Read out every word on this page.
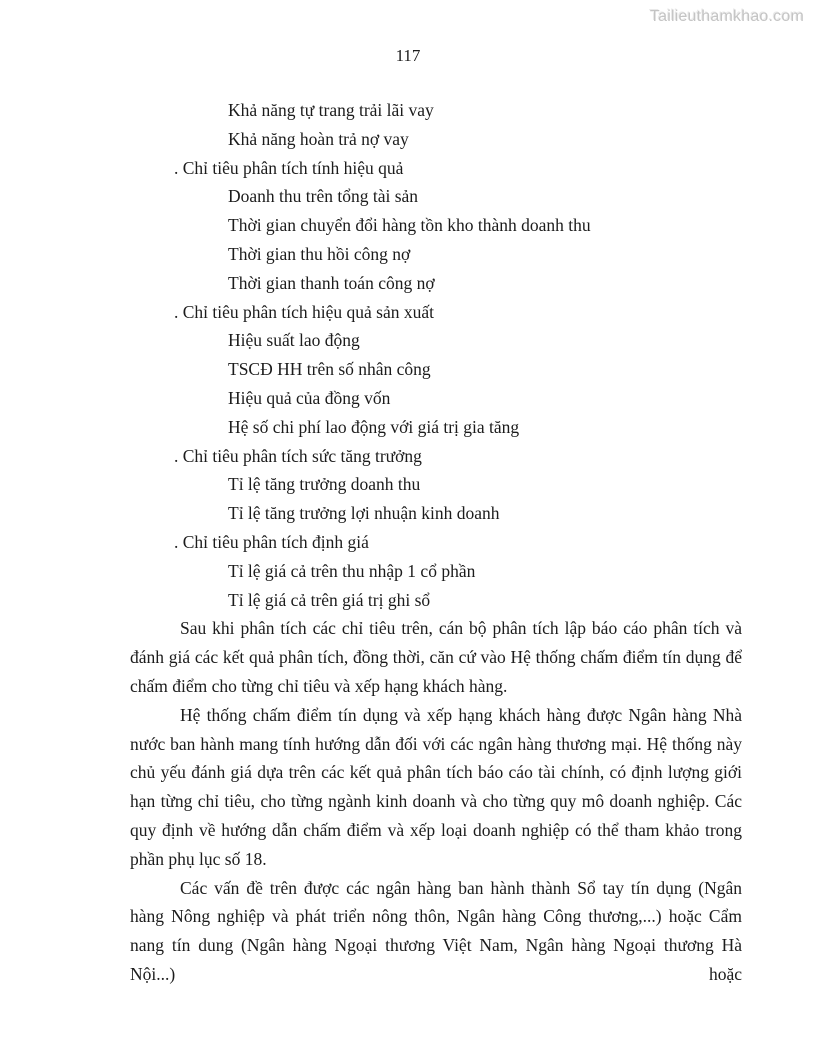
Tailieuthamkhao.com
117
Khả năng tự trang trải lãi vay
Khả năng hoàn trả nợ vay
. Chỉ tiêu phân tích tính hiệu quả
Doanh thu trên tổng tài sản
Thời gian chuyển đổi hàng tồn kho thành doanh thu
Thời gian thu hồi công nợ
Thời gian thanh toán công nợ
. Chỉ tiêu phân tích hiệu quả sản xuất
Hiệu suất lao động
TSCĐ HH trên số nhân công
Hiệu quả của đồng vốn
Hệ số chi phí lao động với giá trị gia tăng
. Chỉ tiêu phân tích sức tăng trưởng
Tỉ lệ tăng trưởng doanh thu
Tỉ lệ tăng trưởng lợi nhuận kinh doanh
. Chỉ tiêu phân tích định giá
Tỉ lệ giá cả trên thu nhập 1 cổ phần
Tỉ lệ giá cả trên giá trị ghi sổ

Sau khi phân tích các chỉ tiêu trên, cán bộ phân tích lập báo cáo phân tích và đánh giá các kết quả phân tích, đồng thời, căn cứ vào Hệ thống chấm điểm tín dụng để chấm điểm cho từng chỉ tiêu và xếp hạng khách hàng.

Hệ thống chấm điểm tín dụng và xếp hạng khách hàng được Ngân hàng Nhà nước ban hành mang tính hướng dẫn đối với các ngân hàng thương mại. Hệ thống này chủ yếu đánh giá dựa trên các kết quả phân tích báo cáo tài chính, có định lượng giới hạn từng chỉ tiêu, cho từng ngành kinh doanh và cho từng quy mô doanh nghiệp. Các quy định về hướng dẫn chấm điểm và xếp loại doanh nghiệp có thể tham khảo trong phần phụ lục số 18.

Các vấn đề trên được các ngân hàng ban hành thành Sổ tay tín dụng (Ngân hàng Nông nghiệp và phát triển nông thôn, Ngân hàng Công thương,...) hoặc Cẩm nang tín dung (Ngân hàng Ngoại thương Việt Nam, Ngân hàng Ngoại thương Hà Nội...) hoặc
